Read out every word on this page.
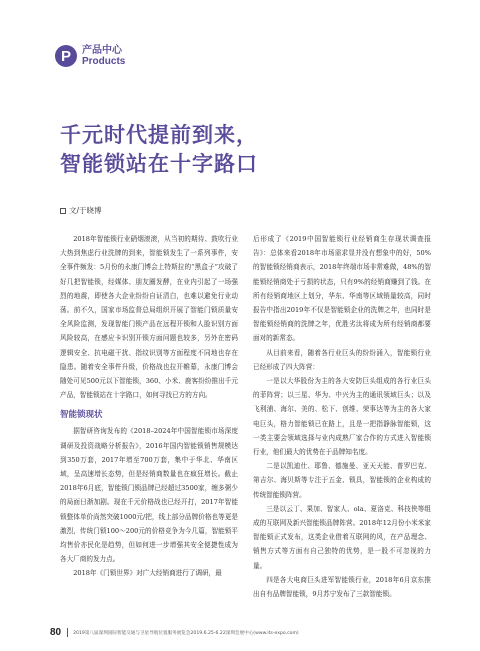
P	产品中心
Products
千元时代提前到来，
智能锁站在十字路口
文/于晓博

2018年智能锁行业硝烟滚滚，从当初的期待、鼓吹行业大热到焦虑行业洗牌的到来，智能锁发生了一系列事件，安全事件频发：5月份的永康门博会上特斯拉的“黑盒子”攻破了好几把智能锁，经媒体、朋友圈发酵，在业内引起了一场强烈的地震，即使各大企业纷纷自证清白，也难以避免行业动荡。前不久，国家市场监督总局组织开展了智能门锁质量安全风险监测，发现智能门锁产品在远程开锁和人脸识别方面风险较高，在感应卡识别开锁方面问题也较多，另外在密码逻辑安全、抗电磁干扰、指纹识别等方面程度不同地也存在隐患。随着安全事件升级，价格战也拉开帷幕，永康门博会随处可见500元以下智能锁，360、小米、鹿客纷纷推出千元产品，智能锁站在十字路口，如何寻找已方的方向。

智能锁现状

据智研咨询发布的《2018–2024年中国智能锁市场深度调研及投资战略分析报告》，2016年国内智能锁销售规模达到350万套，2017年增至700万套，集中于华北、华南区域，呈高速增长态势，但是经销商数量也在疯狂增长。截止2018年6月底，智能锁门锁品牌已经超过3500家，缠多粥少的局面日渐加剧。现在千元价格战也已经开打，2017年智能锁整体单价尚然突破1000元/把，线上部分品牌价格也等更是激烈，传统门锁100～200元的价格竞争为今几篇，智能锁平均售价亦民化是趋势，但如何进一步增强其安全便捷性成为各大厂商的发力点。

2018年《门锁世界》对广大经销商进行了调研，最

后形成了《2019中国智能锁行业经销商生存现状调查报告》：总体来看2018年市场需求显并没有想象中的好，50%的智能锁经销商表示，2018年终端市场非常难做，48%的智能锁经销商处于亏损的状态，只有9%的经销商赚到了钱。在所有经销商地区上划分，华东、华南等区域销量较高，同时报告中指出2019年不仅是智能锁企业的洗牌之年，也同时是智能锁经销商的洗牌之年，优胜劣汰将成为所有经销商都要面对的新常态。

从目前来看，随着各行业巨头的纷纷涌入，智能锁行业已经形成了四大阵营：

一是以大华股份为主的各大安防巨头组成的各行业巨头的菲阵营；以三星、华为、中兴为主的通讯领域巨头；以及飞利浦、海尔、美的、松下、创维、荣事达等为主的各大家电巨头，格力智能锁已在路上，且是一把指静脉智能锁，这一类主要会领域选择与业内成熟厂家合作的方式进入智能锁行业，他们最大的优势在于品牌知名度。

二是以凯迪仕、耶鲁、德施曼、亚天天能、普罗巴克、第吉尔、海贝斯等专注于五金、锁具，智能锁的企业构成的传统智能锁阵营。

三是以云丁、果加、智家人、ola、夏洛克、科技侠等组成的互联网及新兴智能锁品牌阵营。2018年12月份小米米家智能锁正式发布，这类企业借着互联网的风，在产品理念、销售方式等方面有自己独特的优势，是一股不可忽视的力量。

四是各大电商巨头进军智能锁行业，2018年6月京东推出自有品牌智能锁，9月苏宁发布了三款智能锁。

80	2019第八届深圳国际智能交通与卫星导航位置服务展览会2019.6.25-6.22深圳会展中心(www.its-expo.com)
